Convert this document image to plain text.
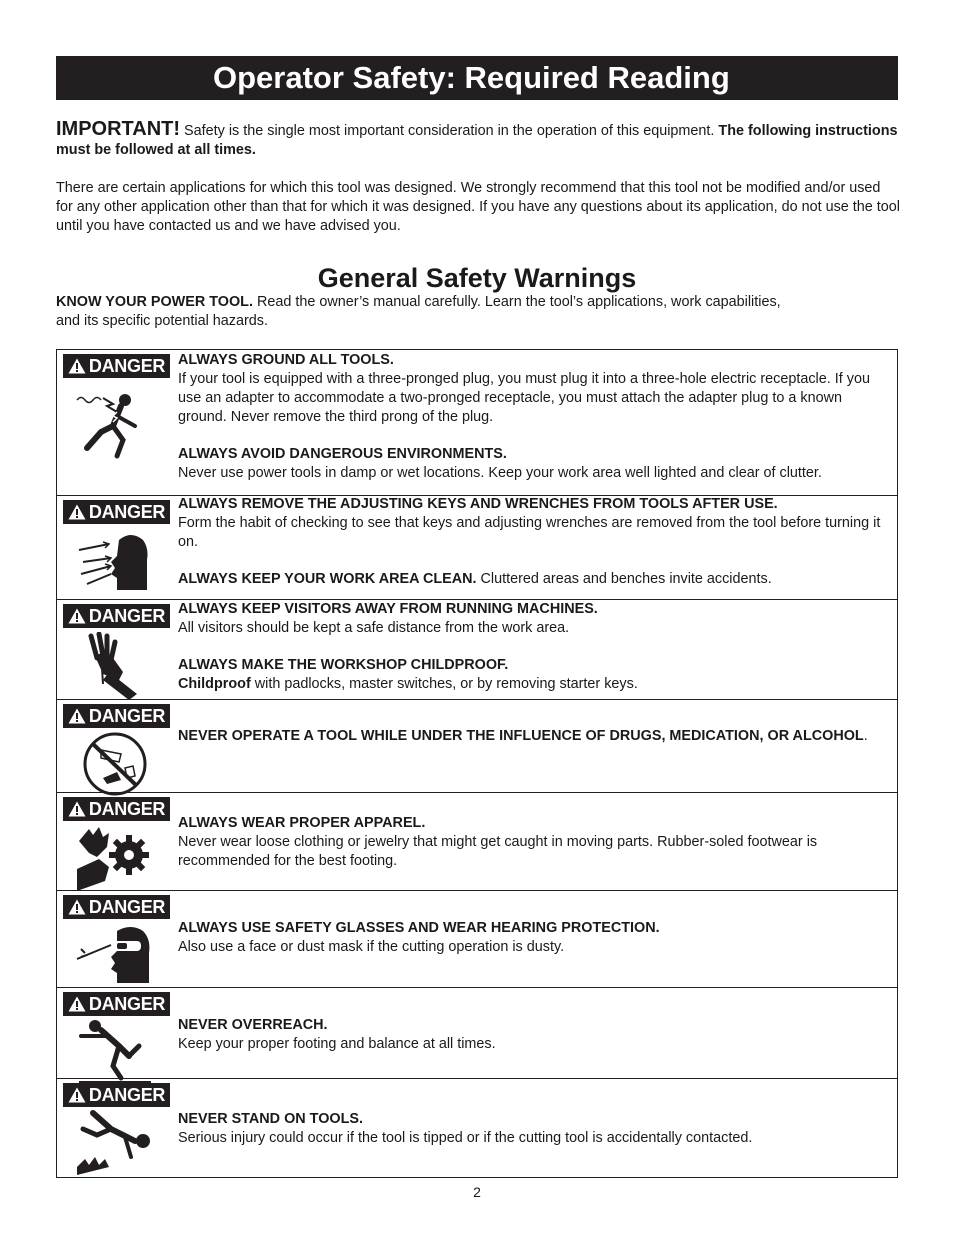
Operator Safety: Required Reading

IMPORTANT! Safety is the single most important consideration in the operation of this equipment. The following instructions must be followed at all times.

There are certain applications for which this tool was designed. We strongly recommend that this tool not be modified and/or used for any other application other than that for which it was designed. If you have any questions about its application, do not use the tool until you have contacted us and we have advised you.

General Safety Warnings

KNOW YOUR POWER TOOL. Read the owner’s manual carefully. Learn the tool’s applications, work capabilities, and its specific potential hazards.

DANGER ALWAYS GROUND ALL TOOLS.

If your tool is equipped with a three-pronged plug, you must plug it into a three-hole electric receptacle. If you use an adapter to accommodate a two-pronged receptacle, you must attach the adapter plug to a known ground. Never remove the third prong of the plug.

ALWAYS AVOID DANGEROUS ENVIRONMENTS.

Never use power tools in damp or wet locations. Keep your work area well lighted and clear of clutter.

DANGER ALWAYS REMOVE THE ADJUSTING KEYS AND WRENCHES FROM TOOLS AFTER USE.

Form the habit of checking to see that keys and adjusting wrenches are removed from the tool before turning it on.

ALWAYS KEEP YOUR WORK AREA CLEAN. Cluttered areas and benches invite accidents.

DANGER ALWAYS KEEP VISITORS AWAY FROM RUNNING MACHINES.

All visitors should be kept a safe distance from the work area.

ALWAYS MAKE THE WORKSHOP CHILDPROOF.

Childproof with padlocks, master switches, or by removing starter keys.

DANGER

NEVER OPERATE A TOOL WHILE UNDER THE INFLUENCE OF DRUGS, MEDICATION, OR ALCOHOL.

DANGER

ALWAYS WEAR PROPER APPAREL.

Never wear loose clothing or jewelry that might get caught in moving parts. Rubber-soled footwear is recommended for the best footing.

DANGER

ALWAYS USE SAFETY GLASSES AND WEAR HEARING PROTECTION.

Also use a face or dust mask if the cutting operation is dusty.

DANGER

NEVER OVERREACH.

Keep your proper footing and balance at all times.

DANGER

NEVER STAND ON TOOLS.

Serious injury could occur if the tool is tipped or if the cutting tool is accidentally contacted.

2
